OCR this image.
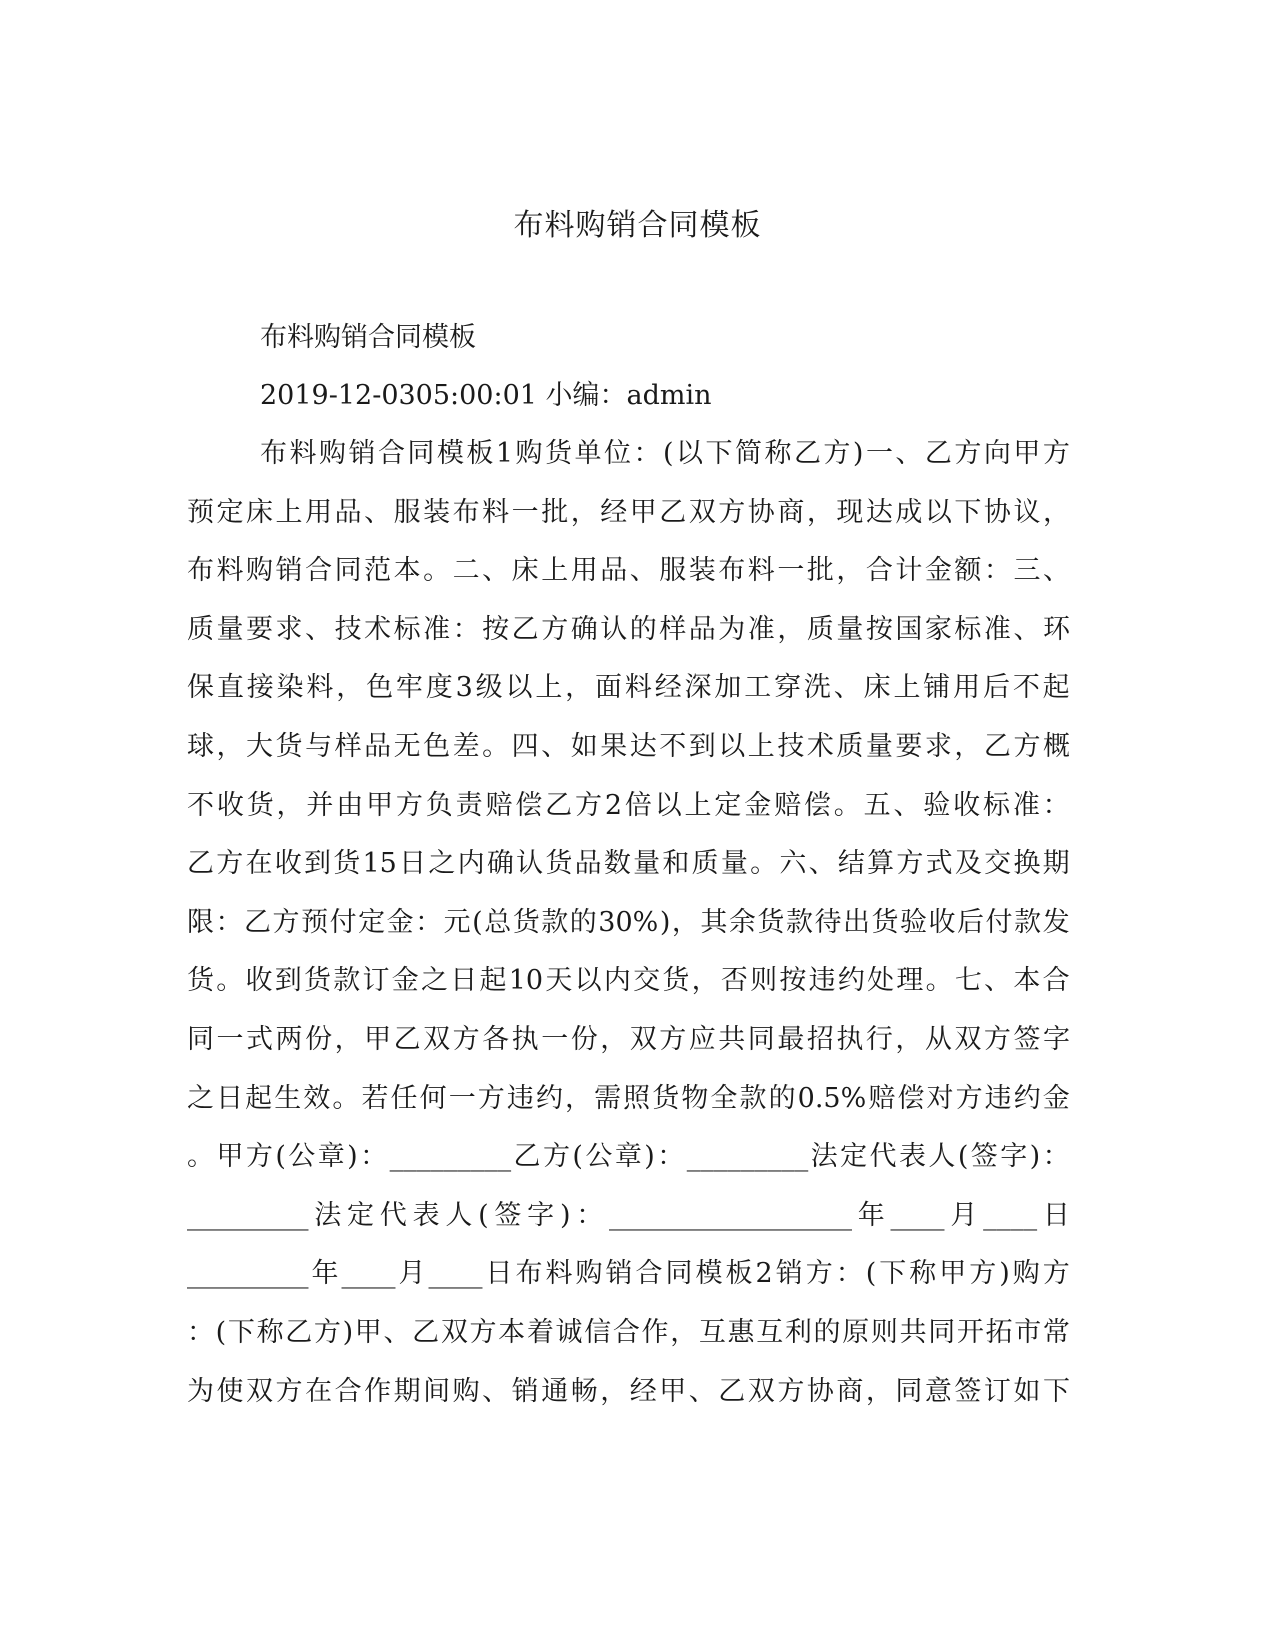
布料购销合同模板

布料购销合同模板

2019-12-0305:00:01 小编：admin

布 料 购 销 合 同 模 板 1 购 货 单 位 ： ( 以 下 简 称 乙 方 ) 一 、 乙 方 向 甲 方

预 定 床 上 用 品 、 服 装 布 料 一 批 ， 经 甲 乙 双 方 协 商 ， 现 达 成 以 下 协 议 ，

布 料 购 销 合 同 范 本 。 二 、 床 上 用 品 、 服 装 布 料 一 批 ， 合 计 金 额 ： 三 、

质 量 要 求 、 技 术 标 准 ： 按 乙 方 确 认 的 样 品 为 准 ， 质 量 按 国 家 标 准 、 环

保 直 接 染 料 ， 色 牢 度 3 级 以 上 ， 面 料 经 深 加 工 穿 洗 、 床 上 铺 用 后 不 起

球 ， 大 货 与 样 品 无 色 差 。 四 、 如 果 达 不 到 以 上 技 术 质 量 要 求 ， 乙 方 概

不 收 货 ， 并 由 甲 方 负 责 赔 偿 乙 方 2 倍 以 上 定 金 赔 偿 。 五 、 验 收 标 准 ：

乙 方 在 收 到 货 15 日 之 内 确 认 货 品 数 量 和 质 量 。 六 、 结 算 方 式 及 交 换 期

限 ： 乙 方 预 付 定 金 ： 元 ( 总 货 款 的 30% ) ， 其 余 货 款 待 出 货 验 收 后 付 款 发

货 。 收 到 货 款 订 金 之 日 起 10 天 以 内 交 货 ， 否 则 按 违 约 处 理 。 七 、 本 合

同 一 式 两 份 ， 甲 乙 双 方 各 执 一 份 ， 双 方 应 共 同 最 招 执 行 ， 从 双 方 签 字

之 日 起 生 效 。 若 任 何 一 方 违 约 ， 需 照 货 物 全 款 的 0.5% 赔 偿 对 方 违 约 金

。 甲 方 ( 公 章 ) ： _________ 乙 方 ( 公 章 ) ： _________ 法 定 代 表 人 ( 签 字 ) ：

_________ 法 定 代 表 人 ( 签 字 ) ： __________________ 年 ____ 月 ____ 日

_________ 年 ____ 月 ____ 日 布 料 购 销 合 同 模 板 2 销 方 ： ( 下 称 甲 方 ) 购 方

： ( 下 称 乙 方 ) 甲 、 乙 双 方 本 着 诚 信 合 作 ， 互 惠 互 利 的 原 则 共 同 开 拓 市 常

为 使 双 方 在 合 作 期 间 购 、 销 通 畅 ， 经 甲 、 乙 双 方 协 商 ， 同 意 签 订 如 下
